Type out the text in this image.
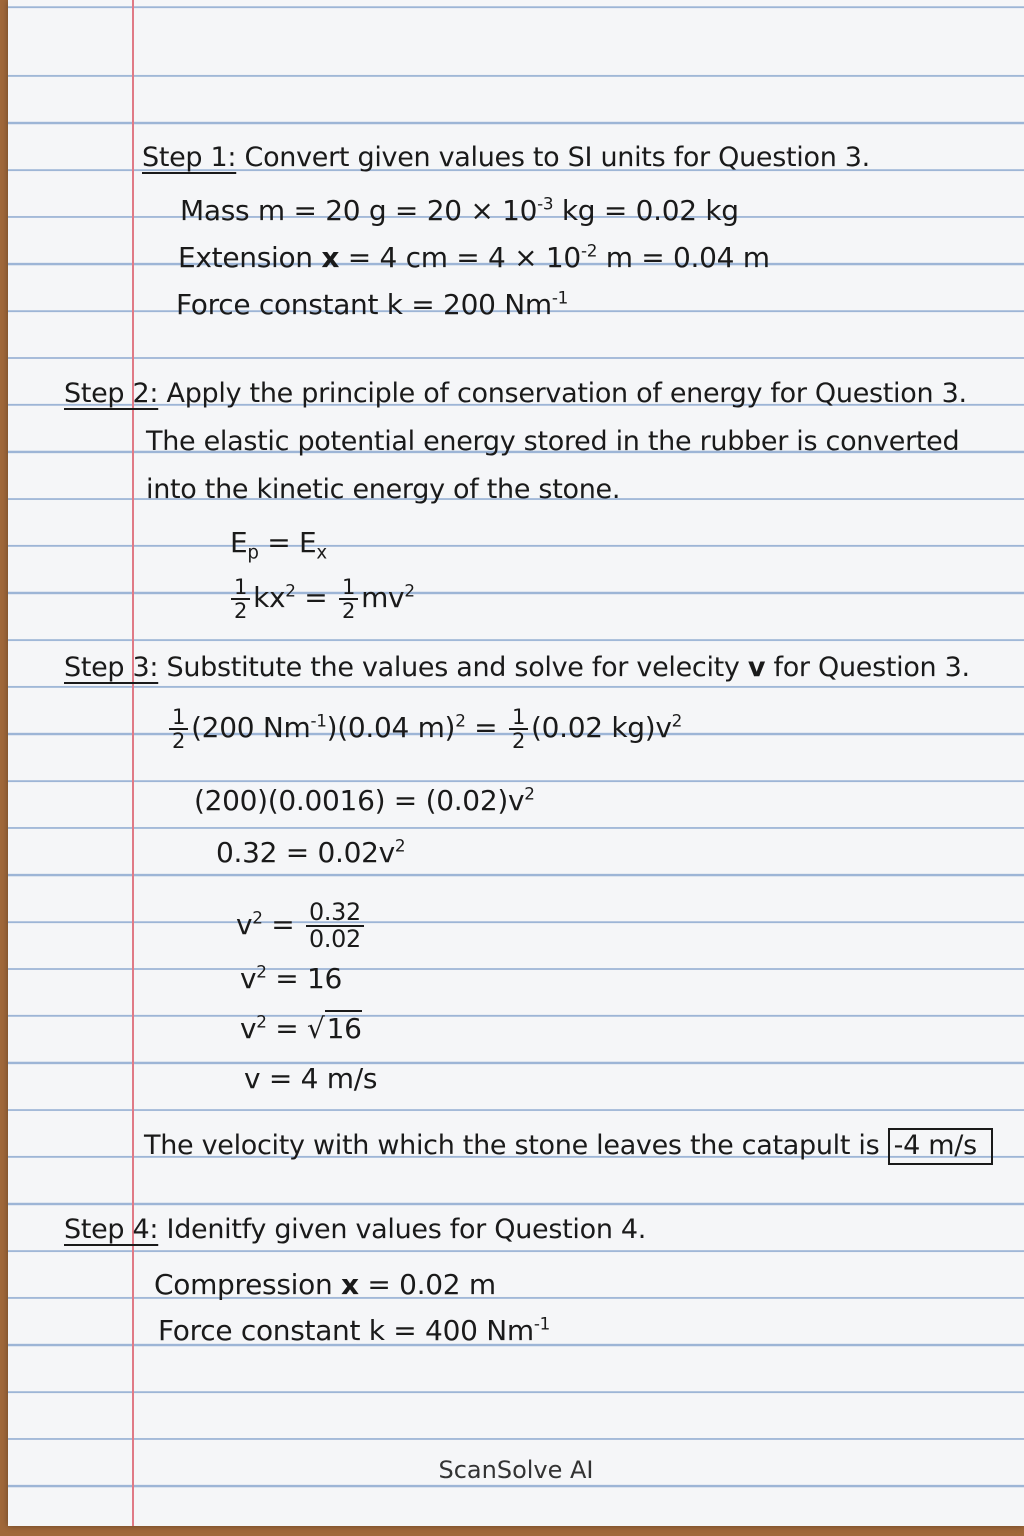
Step 1: Convert given values to SI units for Question 3.
Mass m = 20 $g = 20 \times 10^{-3}$ kg = 0.02 kg
Extension x = 4 cm = $4 \times 10^{-2}$ m = 0.04 m
Force constant k = 200 $Nm^{-1}$
Step 2: Apply the principle of conservation of energy for Question 3.
The elastic potential energy stored in the rubber is converted
into the kinetic energy of the stone.
$E_p = E_x$
$\frac{1}{2} kx^2 = \frac{1}{2} mv^2$
Step 3: Substitute the values and solve for velecity v for Question 3.
$\frac{1}{2} (200$ $Nm^{-1})(0.04$ $m)^2 = \frac{1}{2} (0.02$ $kg)v^2$
$(200)(0.0016) = (0.02)v^2$
$0.32 = 0.02v^2$
$v^2 = \frac{0.32}{0.02}$
$v^2 = 16$
$v^2 = √16$
v = 4 m/s
The velocity with which the stone leaves the catapult is -4 m/s
Step 4: Idenitfy given values for Question 4.
Compression x = 0.02 m
Force constant k = 400 $Nm^{-1}$
ScanSolve AI
